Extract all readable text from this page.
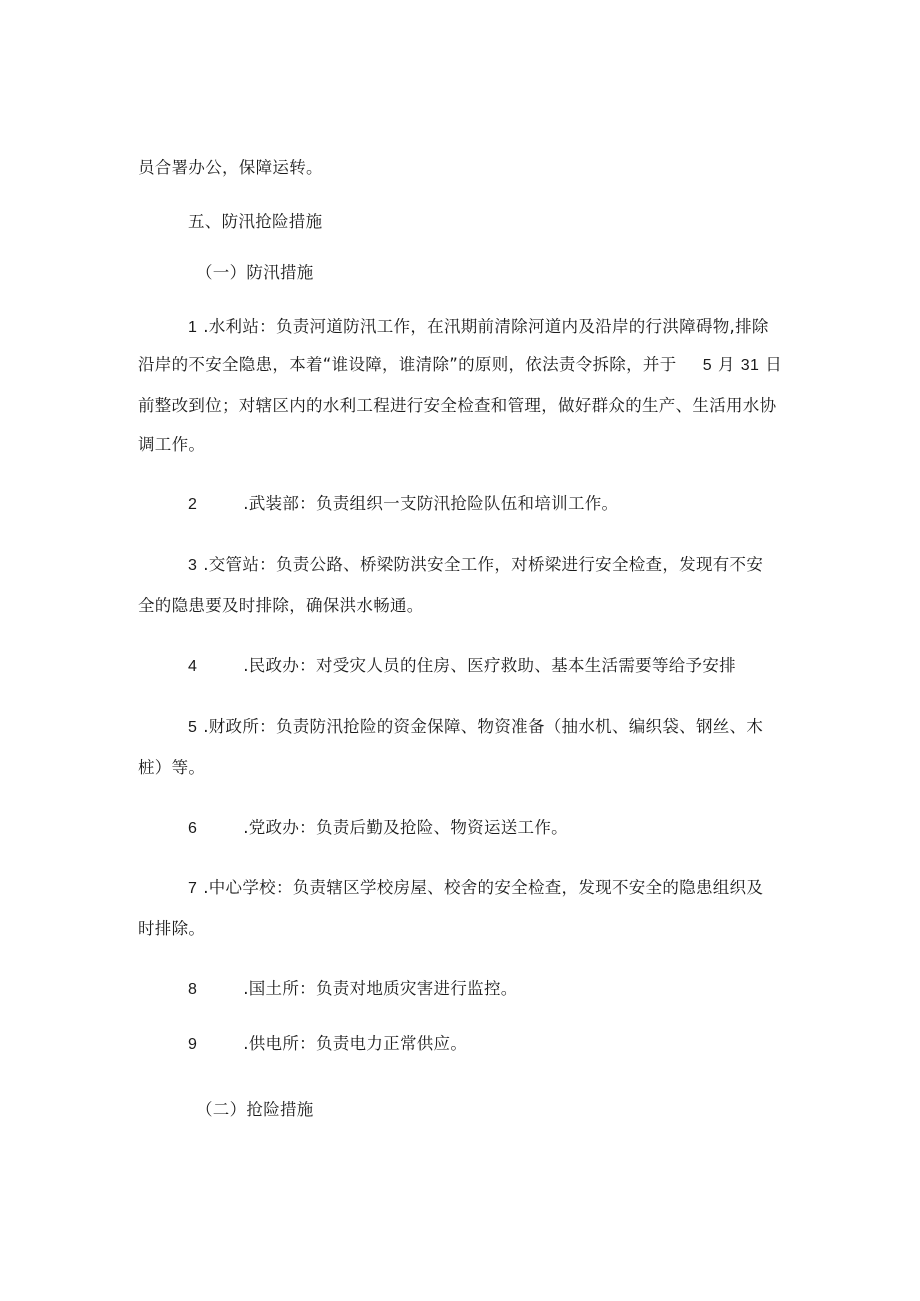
员合署办公，保障运转。
五、防汛抢险措施
（一）防汛措施
1 .水利站：负责河道防汛工作，在汛期前清除河道内及沿岸的行洪障碍物,排除
沿岸的不安全隐患，本着“谁设障，谁清除”的原则，依法责令拆除，并于 5 月 31 日
前整改到位；对辖区内的水利工程进行安全检查和管理，做好群众的生产、生活用水协
调工作。
2	.武装部：负责组织一支防汛抢险队伍和培训工作。
3 .交管站：负责公路、桥梁防洪安全工作，对桥梁进行安全检查，发现有不安
全的隐患要及时排除，确保洪水畅通。
4	.民政办：对受灾人员的住房、医疗救助、基本生活需要等给予安排
5 .财政所：负责防汛抢险的资金保障、物资准备（抽水机、编织袋、钢丝、木
桩）等。
6	.党政办：负责后勤及抢险、物资运送工作。
7 .中心学校：负责辖区学校房屋、校舍的安全检查，发现不安全的隐患组织及
时排除。
8	.国土所：负责对地质灾害进行监控。
9	.供电所：负责电力正常供应。
（二）抢险措施
